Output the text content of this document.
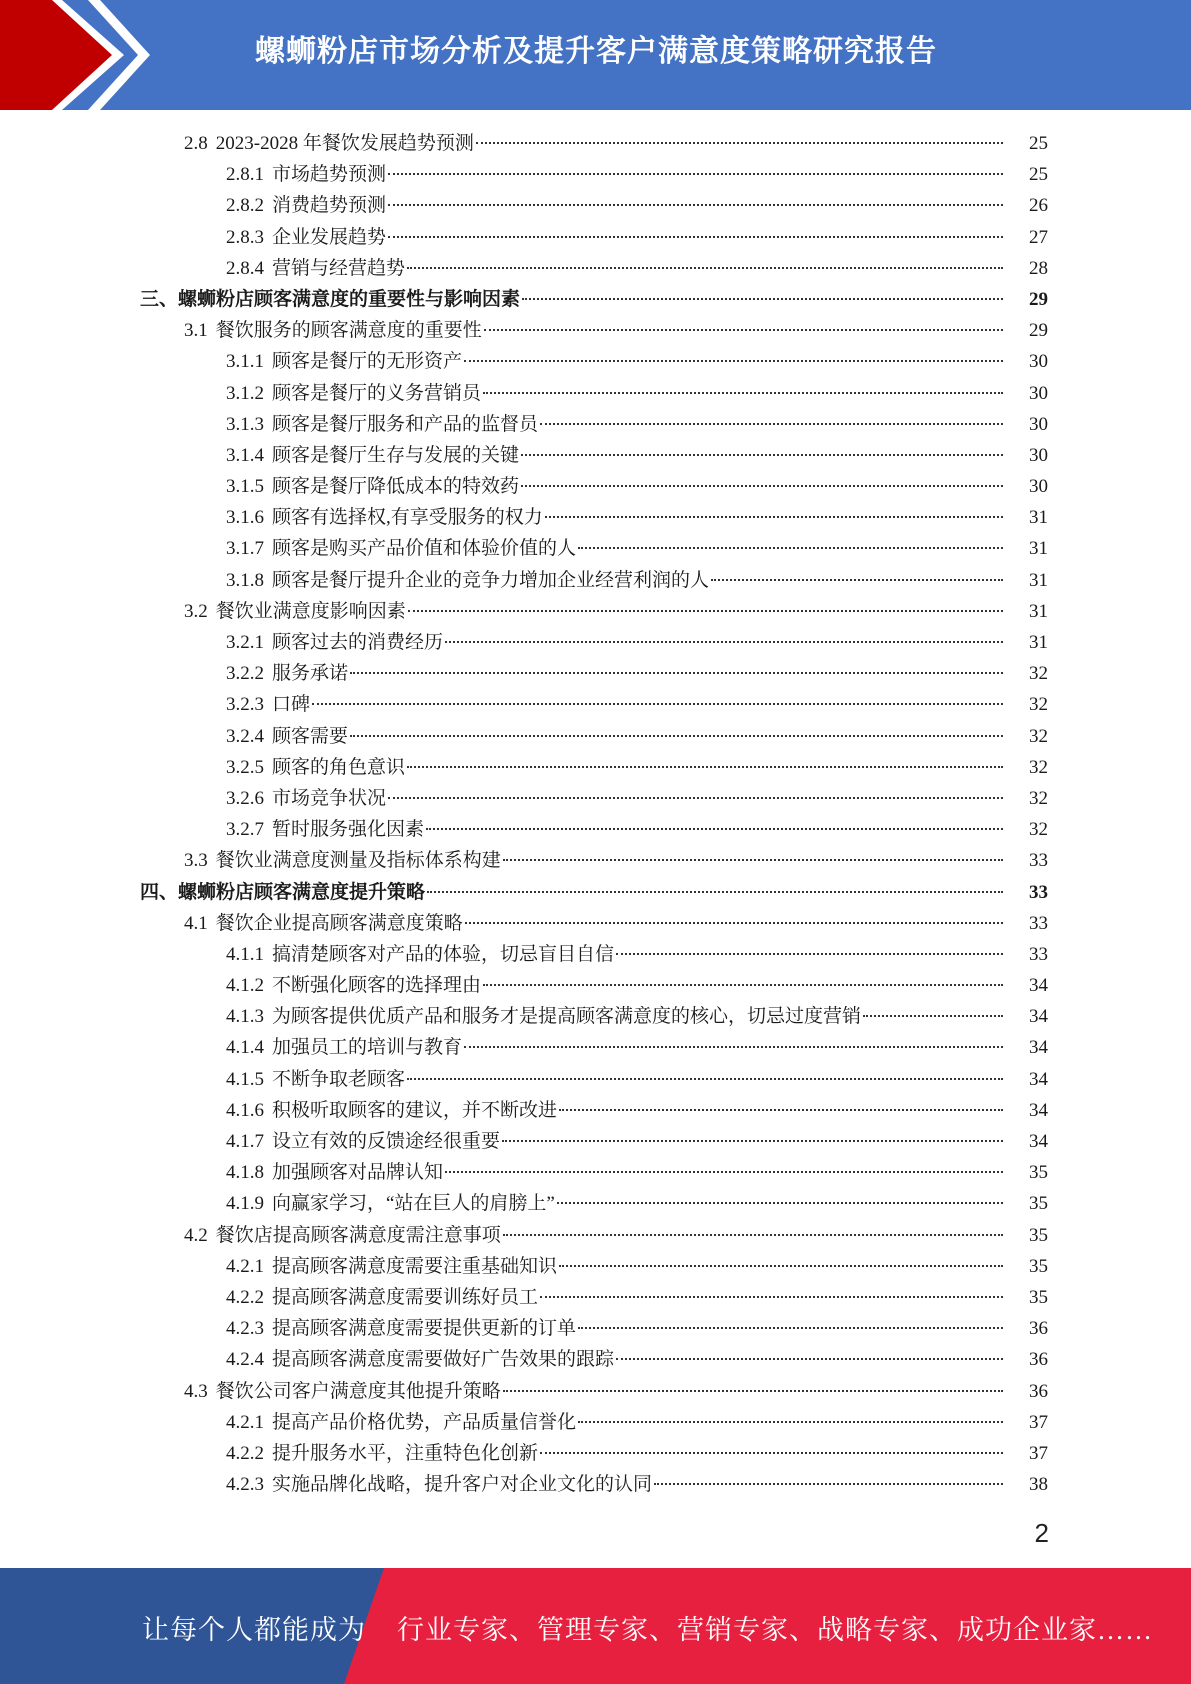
螺蛳粉店市场分析及提升客户满意度策略研究报告
2.8 2023-2028 年餐饮发展趋势预测	25
2.8.1 市场趋势预测	25
2.8.2 消费趋势预测	26
2.8.3 企业发展趋势	27
2.8.4 营销与经营趋势	28
三、 螺蛳粉店顾客满意度的重要性与影响因素	29
3.1 餐饮服务的顾客满意度的重要性	29
3.1.1 顾客是餐厅的无形资产	30
3.1.2 顾客是餐厅的义务营销员	30
3.1.3 顾客是餐厅服务和产品的监督员	30
3.1.4 顾客是餐厅生存与发展的关键	30
3.1.5 顾客是餐厅降低成本的特效药	30
3.1.6 顾客有选择权,有享受服务的权力	31
3.1.7 顾客是购买产品价值和体验价值的人	31
3.1.8 顾客是餐厅提升企业的竞争力增加企业经营利润的人	31
3.2 餐饮业满意度影响因素	31
3.2.1 顾客过去的消费经历	31
3.2.2 服务承诺	32
3.2.3 口碑	32
3.2.4 顾客需要	32
3.2.5 顾客的角色意识	32
3.2.6 市场竞争状况	32
3.2.7 暂时服务强化因素	32
3.3 餐饮业满意度测量及指标体系构建	33
四、 螺蛳粉店顾客满意度提升策略	33
4.1 餐饮企业提高顾客满意度策略	33
4.1.1 搞清楚顾客对产品的体验，切忌盲目自信	33
4.1.2 不断强化顾客的选择理由	34
4.1.3 为顾客提供优质产品和服务才是提高顾客满意度的核心，切忌过度营销	34
4.1.4 加强员工的培训与教育	34
4.1.5 不断争取老顾客	34
4.1.6 积极听取顾客的建议，并不断改进	34
4.1.7 设立有效的反馈途经很重要	34
4.1.8 加强顾客对品牌认知	35
4.1.9 向赢家学习，“站在巨人的肩膀上”	35
4.2 餐饮店提高顾客满意度需注意事项	35
4.2.1 提高顾客满意度需要注重基础知识	35
4.2.2 提高顾客满意度需要训练好员工	35
4.2.3 提高顾客满意度需要提供更新的订单	36
4.2.4 提高顾客满意度需要做好广告效果的跟踪	36
4.3 餐饮公司客户满意度其他提升策略	36
4.2.1 提高产品价格优势，产品质量信誉化	37
4.2.2 提升服务水平，注重特色化创新	37
4.2.3 实施品牌化战略，提升客户对企业文化的认同	38
2
让每个人都能成为 行业专家、管理专家、营销专家、战略专家、成功企业家……
